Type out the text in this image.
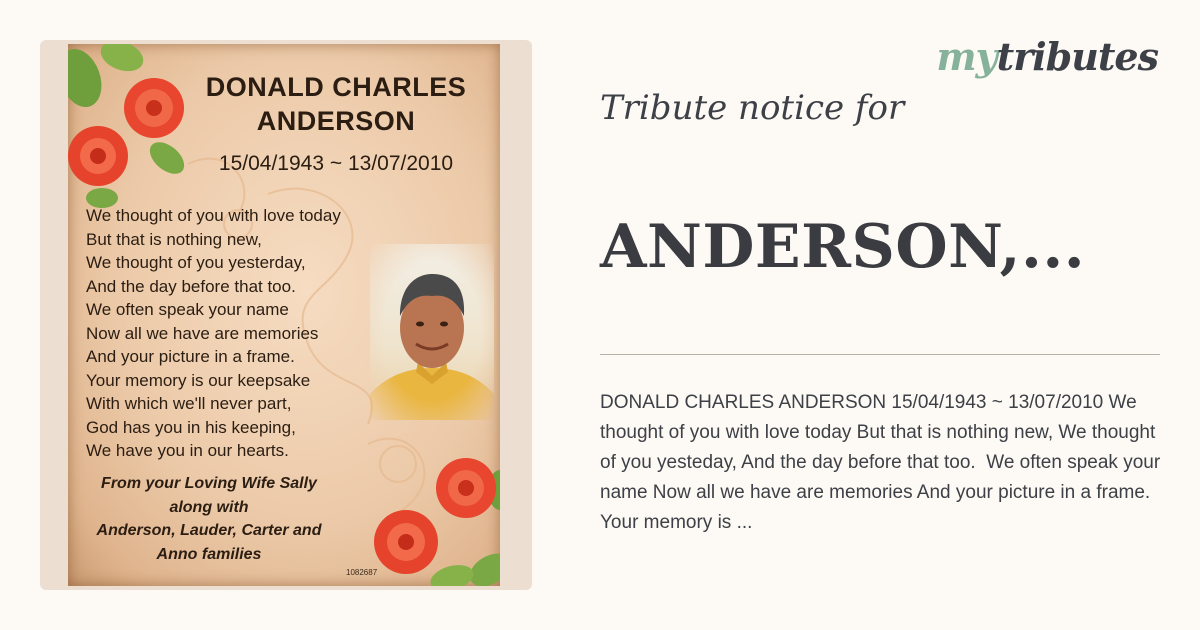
DONALD CHARLES
ANDERSON
15/04/1943 ~ 13/07/2010
We thought of you with love today
But that is nothing new,
We thought of you yesterday,
And the day before that too.
We often speak your name
Now all we have are memories
And your picture in a frame.
Your memory is our keepsake
With which we'll never part,
God has you in his keeping,
We have you in our hearts.
From your Loving Wife Sally
along with
Anderson, Lauder, Carter and
Anno families
1082687
mytributes
Tribute notice for
ANDERSON,...
DONALD CHARLES ANDERSON 15/04/1943 ~ 13/07/2010 We thought of you with love today But that is nothing new, We thought of you yesteday, And the day before that too.  We often speak your name Now all we have are memories And your picture in a frame.  Your memory is ...
